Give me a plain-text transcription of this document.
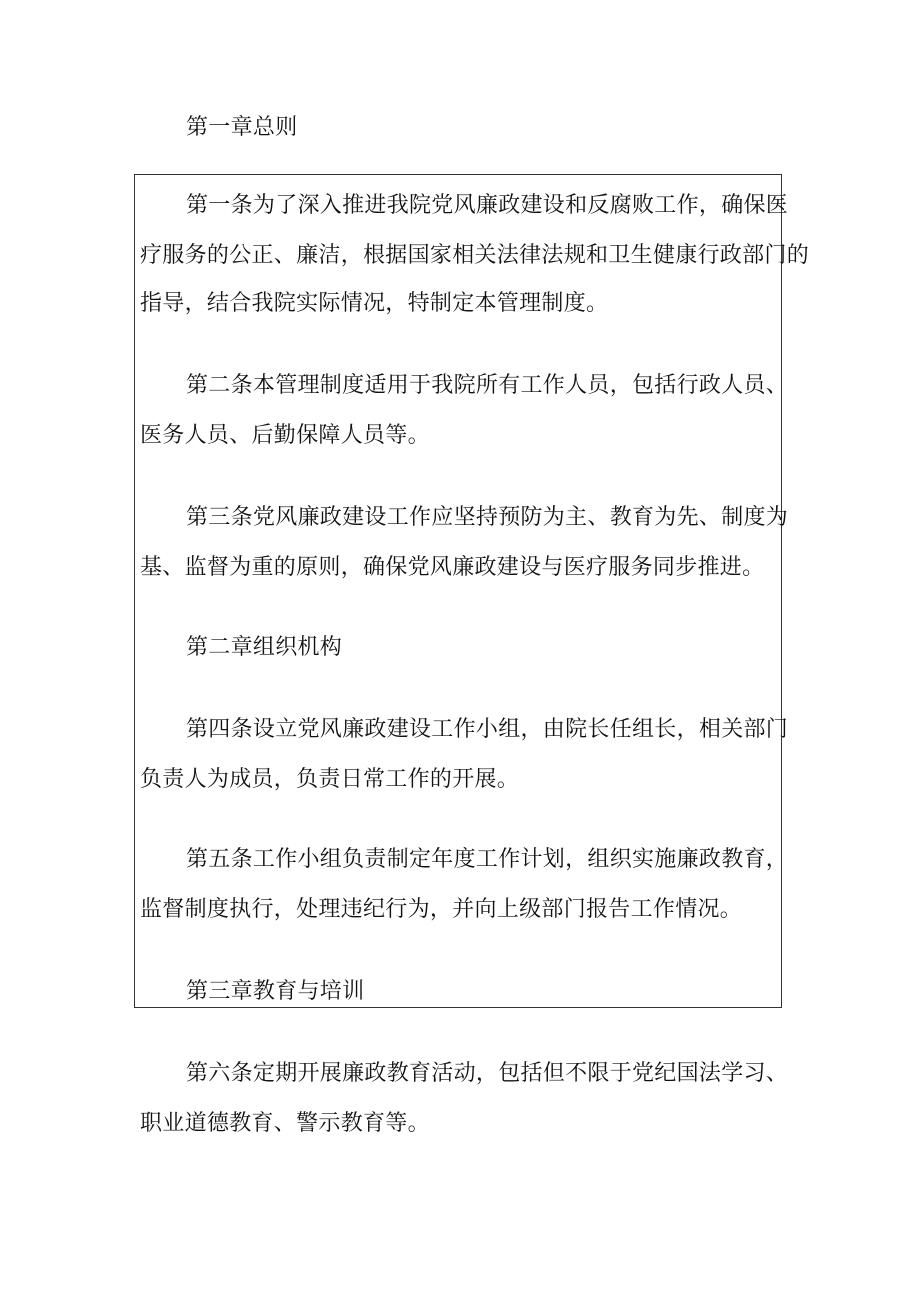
第一章总则
第一条为了深入推进我院党风廉政建设和反腐败工作，确保医
疗服务的公正、廉洁，根据国家相关法律法规和卫生健康行政部门的
指导，结合我院实际情况，特制定本管理制度。
第二条本管理制度适用于我院所有工作人员，包括行政人员、
医务人员、后勤保障人员等。
第三条党风廉政建设工作应坚持预防为主、教育为先、制度为
基、监督为重的原则，确保党风廉政建设与医疗服务同步推进。
第二章组织机构
第四条设立党风廉政建设工作小组，由院长任组长，相关部门
负责人为成员，负责日常工作的开展。
第五条工作小组负责制定年度工作计划，组织实施廉政教育，
监督制度执行，处理违纪行为，并向上级部门报告工作情况。
第三章教育与培训
第六条定期开展廉政教育活动，包括但不限于党纪国法学习、
职业道德教育、警示教育等。
